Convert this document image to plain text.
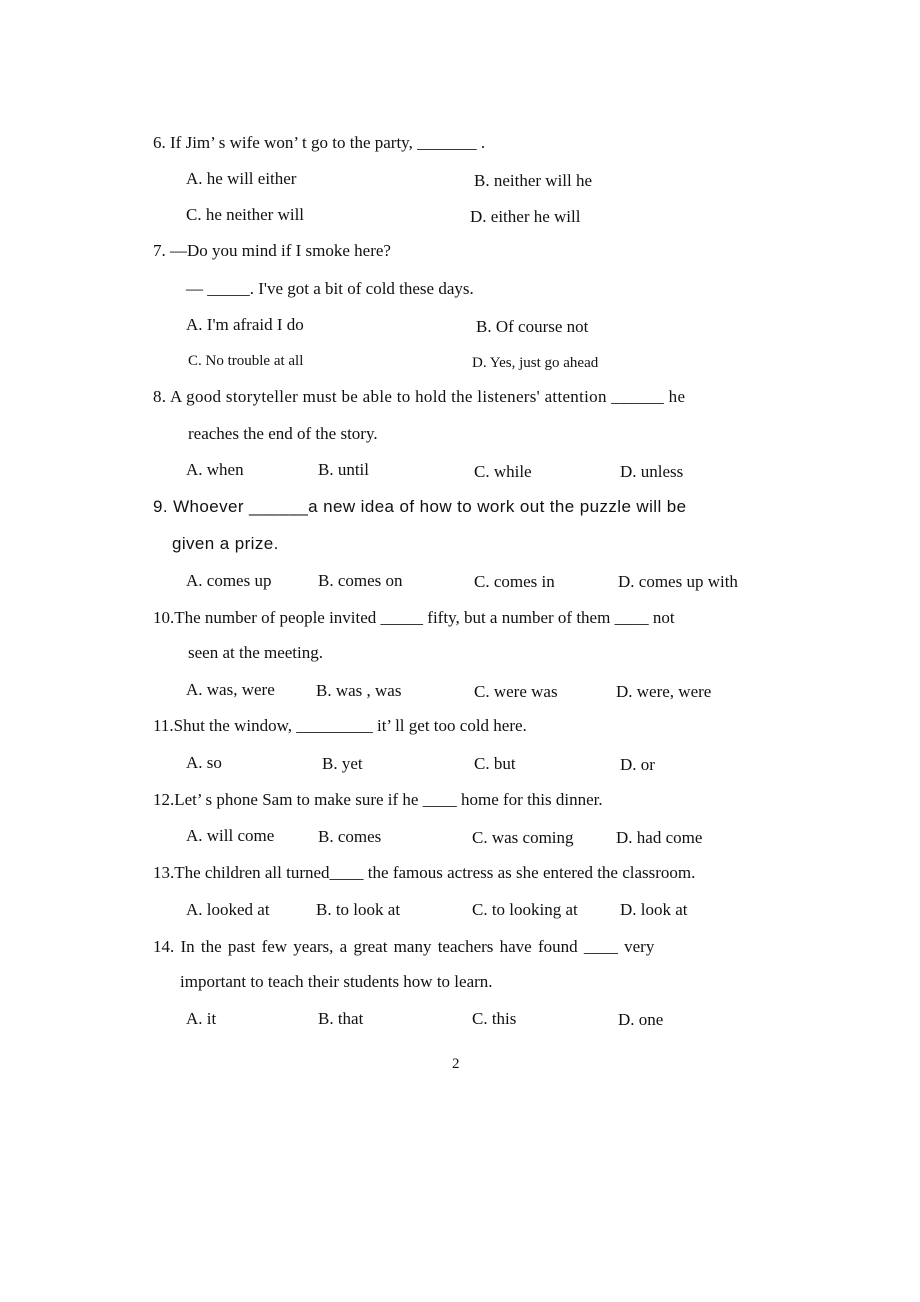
6. If Jim’ s wife won’ t go to the party, _______ .
A. he will either	B. neither will he
C. he neither will	D. either he will
7. —Do you mind if I smoke here?
— _____. I've got a bit of cold these days.
A. I'm afraid I do	B. Of course not
C. No trouble at all	D. Yes, just go ahead
8. A good storyteller must be able to hold the listeners' attention ______ he
reaches the end of the story.
A. when	B. until	C. while	D. unless
9. Whoever ______a new idea of how to work out the puzzle will be
given a prize.
A. comes up	B. comes on	C. comes in	D. comes up with
10.The number of people invited _____ fifty, but a number of them ____ not
seen at the meeting.
A. was, were B. was , was	C. were was	D. were, were
11.Shut the window, _________ it’ ll get too cold here.
A. so	B. yet	C. but	D. or
12.Let’ s phone Sam to make sure if he ____ home for this dinner.
A. will come	B. comes	C. was coming D. had come
13.The children all turned____ the famous actress as she entered the classroom.
A. looked at	B. to look at	C. to looking at D. look at
14. In the past few years, a great many teachers have found ____ very
important to teach their students how to learn.
A. it	B. that	C. this	D. one
2
